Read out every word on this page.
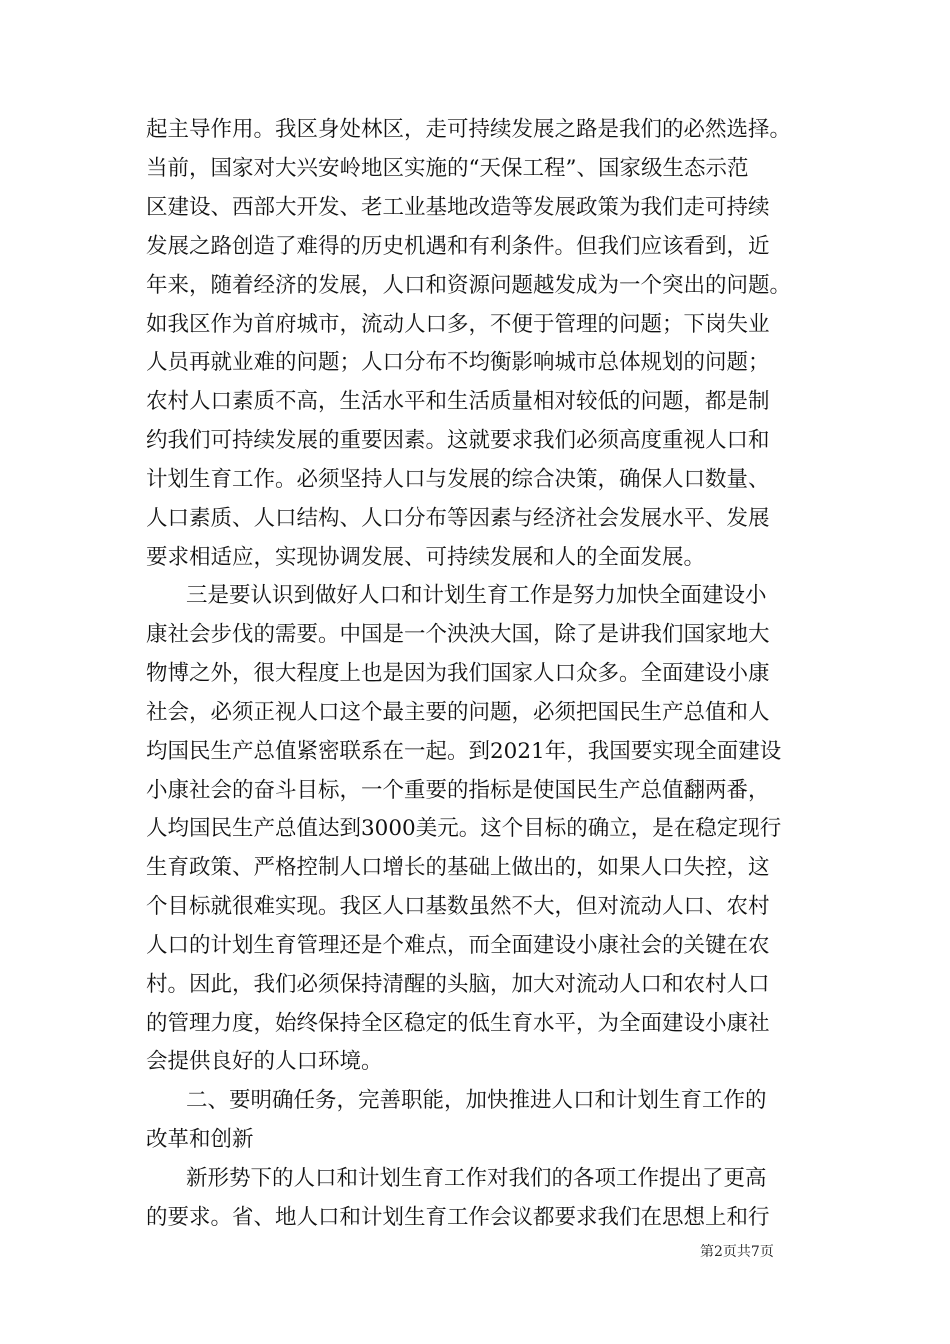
起主导作用。我区身处林区，走可持续发展之路是我们的必然选择。
当前，国家对大兴安岭地区实施的“天保工程”、国家级生态示范
区建设、西部大开发、老工业基地改造等发展政策为我们走可持续
发展之路创造了难得的历史机遇和有利条件。但我们应该看到，近
年来，随着经济的发展，人口和资源问题越发成为一个突出的问题。
如我区作为首府城市，流动人口多，不便于管理的问题；下岗失业
人员再就业难的问题；人口分布不均衡影响城市总体规划的问题；
农村人口素质不高，生活水平和生活质量相对较低的问题，都是制
约我们可持续发展的重要因素。这就要求我们必须高度重视人口和
计划生育工作。必须坚持人口与发展的综合决策，确保人口数量、
人口素质、人口结构、人口分布等因素与经济社会发展水平、发展
要求相适应，实现协调发展、可持续发展和人的全面发展。
三是要认识到做好人口和计划生育工作是努力加快全面建设小
康社会步伐的需要。中国是一个泱泱大国，除了是讲我们国家地大
物博之外，很大程度上也是因为我们国家人口众多。全面建设小康
社会，必须正视人口这个最主要的问题，必须把国民生产总值和人
均国民生产总值紧密联系在一起。到2021年，我国要实现全面建设
小康社会的奋斗目标，一个重要的指标是使国民生产总值翻两番，
人均国民生产总值达到3000美元。这个目标的确立，是在稳定现行
生育政策、严格控制人口增长的基础上做出的，如果人口失控，这
个目标就很难实现。我区人口基数虽然不大，但对流动人口、农村
人口的计划生育管理还是个难点，而全面建设小康社会的关键在农
村。因此，我们必须保持清醒的头脑，加大对流动人口和农村人口
的管理力度，始终保持全区稳定的低生育水平，为全面建设小康社
会提供良好的人口环境。
二、要明确任务，完善职能，加快推进人口和计划生育工作的
改革和创新
新形势下的人口和计划生育工作对我们的各项工作提出了更高
的要求。省、地人口和计划生育工作会议都要求我们在思想上和行
第2页共7页
